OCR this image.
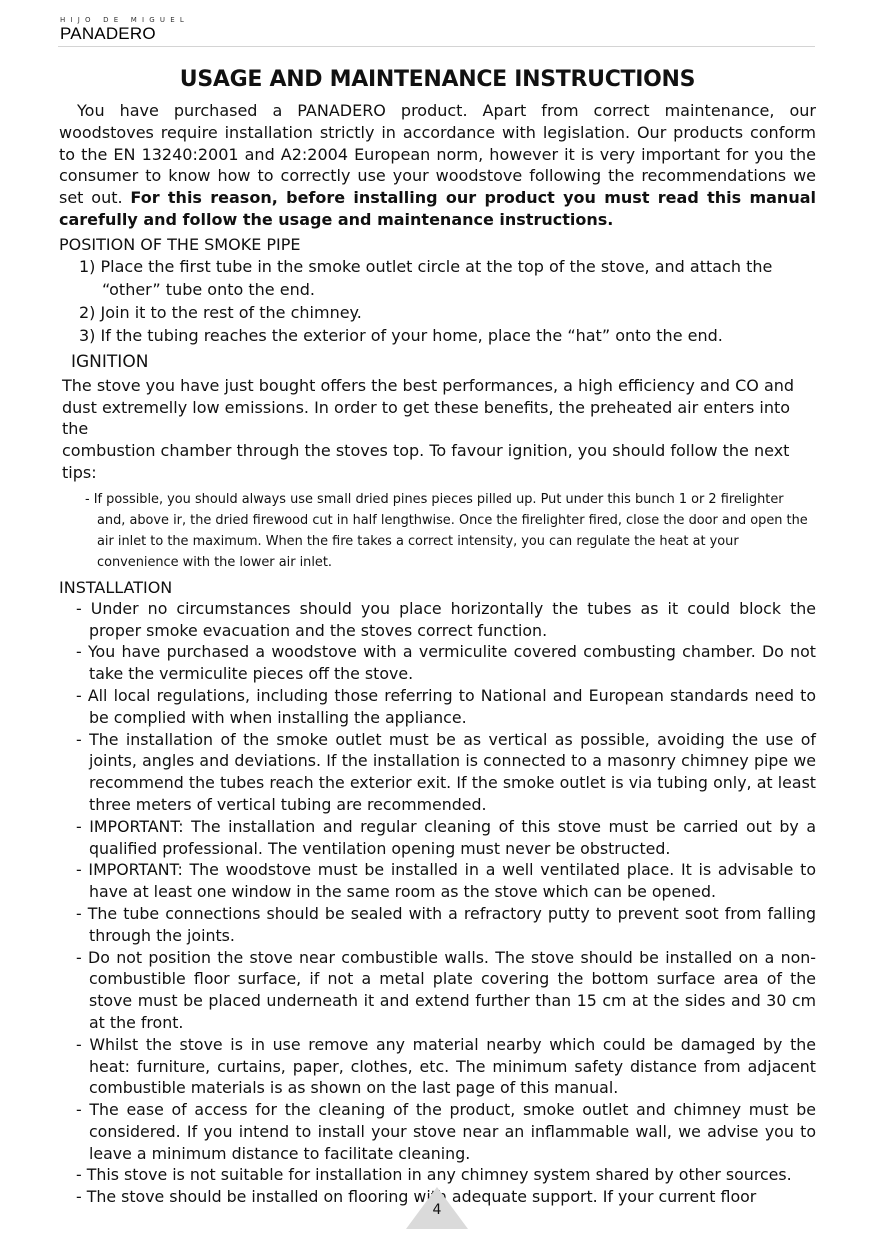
HIJO DE MIGUEL
PANADERO
USAGE AND MAINTENANCE INSTRUCTIONS

You have purchased a PANADERO product. Apart from correct maintenance, our woodstoves require installation strictly in accordance with legislation. Our products conform to the EN 13240:2001 and A2:2004 European norm, however it is very important for you the consumer to know how to correctly use your woodstove following the recommendations we set out. For this reason, before installing our product you must read this manual carefully and follow the usage and maintenance instructions.

POSITION OF THE SMOKE PIPE

1) Place the first tube in the smoke outlet circle at the top of the stove, and attach the “other” tube onto the end.

2) Join it to the rest of the chimney.

3) If the tubing reaches the exterior of your home, place the “hat” onto the end.

IGNITION
The stove you have just bought offers the best performances, a high efficiency and CO and
dust extremelly low emissions. In order to get these benefits, the preheated air enters into the
combustion chamber through the stoves top. To favour ignition, you should follow the next tips:

- If possible, you should always use small dried pines pieces pilled up. Put under this bunch 1 or 2 firelighter and, above ir, the dried firewood cut in half lengthwise. Once the firelighter fired, close the door and open the air inlet to the maximum. When the fire takes a correct intensity, you can regulate the heat at your convenience with the lower air inlet.

INSTALLATION

- Under no circumstances should you place horizontally the tubes as it could block the proper smoke evacuation and the stoves correct function.

- You have purchased a woodstove with a vermiculite covered combusting chamber. Do not take the vermiculite pieces off the stove.

- All local regulations, including those referring to National and European standards need to be complied with when installing the appliance.

- The installation of the smoke outlet must be as vertical as possible, avoiding the use of joints, angles and deviations. If the installation is connected to a masonry chimney pipe we recommend the tubes reach the exterior exit. If the smoke outlet is via tubing only, at least three meters of vertical tubing are recommended.

- IMPORTANT: The installation and regular cleaning of this stove must be carried out by a qualified professional. The ventilation opening must never be obstructed.

- IMPORTANT: The woodstove must be installed in a well ventilated place. It is advisable to have at least one window in the same room as the stove which can be opened.

- The tube connections should be sealed with a refractory putty to prevent soot from falling through the joints.

- Do not position the stove near combustible walls. The stove should be installed on a non-combustible floor surface, if not a metal plate covering the bottom surface area of the stove must be placed underneath it and extend further than 15 cm at the sides and 30 cm at the front.

- Whilst the stove is in use remove any material nearby which could be damaged by the heat: furniture, curtains, paper, clothes, etc. The minimum safety distance from adjacent combustible materials is as shown on the last page of this manual.

- The ease of access for the cleaning of the product, smoke outlet and chimney must be considered. If you intend to install your stove near an inflammable wall, we advise you to leave a minimum distance to facilitate cleaning.

- This stove is not suitable for installation in any chimney system shared by other sources.

- The stove should be installed on flooring with adequate support. If your current floor

4
